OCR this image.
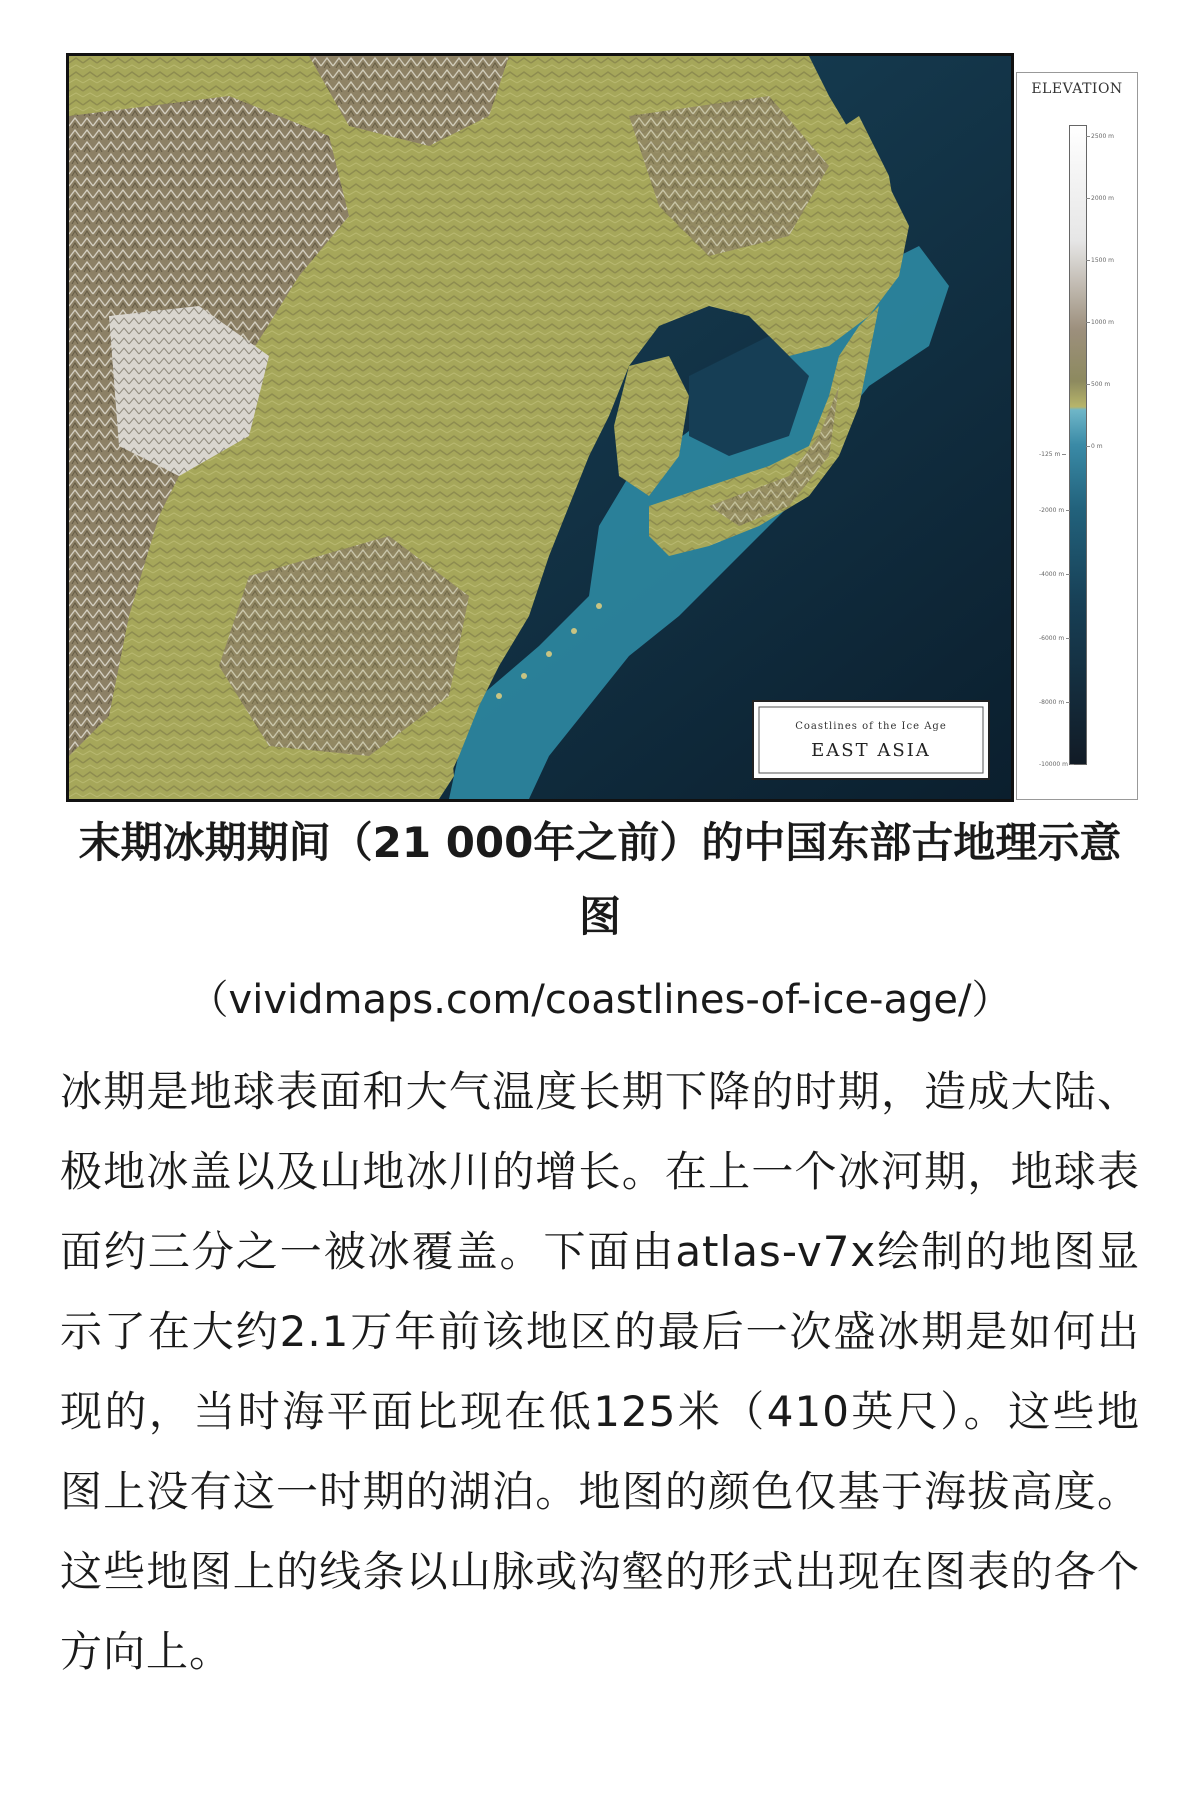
Coastlines of the Ice Age
EAST ASIA
ELEVATION
2500 m
2000 m
1500 m
1000 m
500 m
0 m
-125 m
-2000 m
-4000 m
-6000 m
-8000 m
-10000 m
末期冰期期间（21 000年之前）的中国东部古地理示意图
（vividmaps.com/coastlines-of-ice-age/）
冰期是地球表面和大气温度长期下降的时期，造成大陆、极地冰盖以及山地冰川的增长。在上一个冰河期，地球表面约三分之一被冰覆盖。下面由atlas-v7x绘制的地图显示了在大约2.1万年前该地区的最后一次盛冰期是如何出现的，当时海平面比现在低125米（410英尺）。这些地图上没有这一时期的湖泊。地图的颜色仅基于海拔高度。这些地图上的线条以山脉或沟壑的形式出现在图表的各个方向上。
